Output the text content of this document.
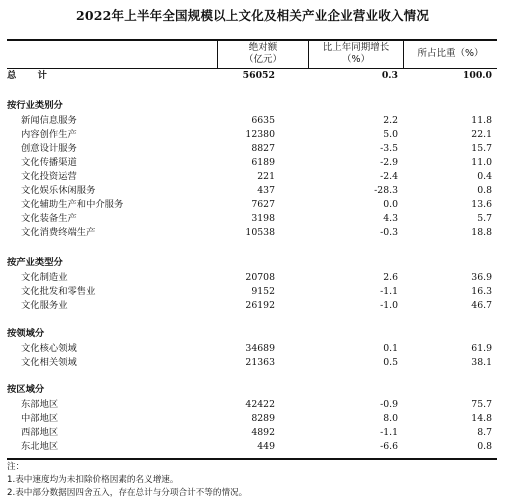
2022年上半年全国规模以上文化及相关产业企业营业收入情况
绝对额
（亿元）
比上年同期增长
（%）
所占比重（%）
总　计	56052	0.3	100.0
按行业类别分
新闻信息服务	6635	2.2	11.8
内容创作生产	12380	5.0	22.1
创意设计服务	8827	-3.5	15.7
文化传播渠道	6189	-2.9	11.0
文化投资运营	221	-2.4	0.4
文化娱乐休闲服务	437	-28.3	0.8
文化辅助生产和中介服务	7627	0.0	13.6
文化装备生产	3198	4.3	5.7
文化消费终端生产	10538	-0.3	18.8
按产业类型分
文化制造业	20708	2.6	36.9
文化批发和零售业	9152	-1.1	16.3
文化服务业	26192	-1.0	46.7
按领域分
文化核心领域	34689	0.1	61.9
文化相关领域	21363	0.5	38.1
按区域分
东部地区	42422	-0.9	75.7
中部地区	8289	8.0	14.8
西部地区	4892	-1.1	8.7
东北地区	449	-6.6	0.8
注：
1.表中速度均为未扣除价格因素的名义增速。
2.表中部分数据因四舍五入，存在总计与分项合计不等的情况。
